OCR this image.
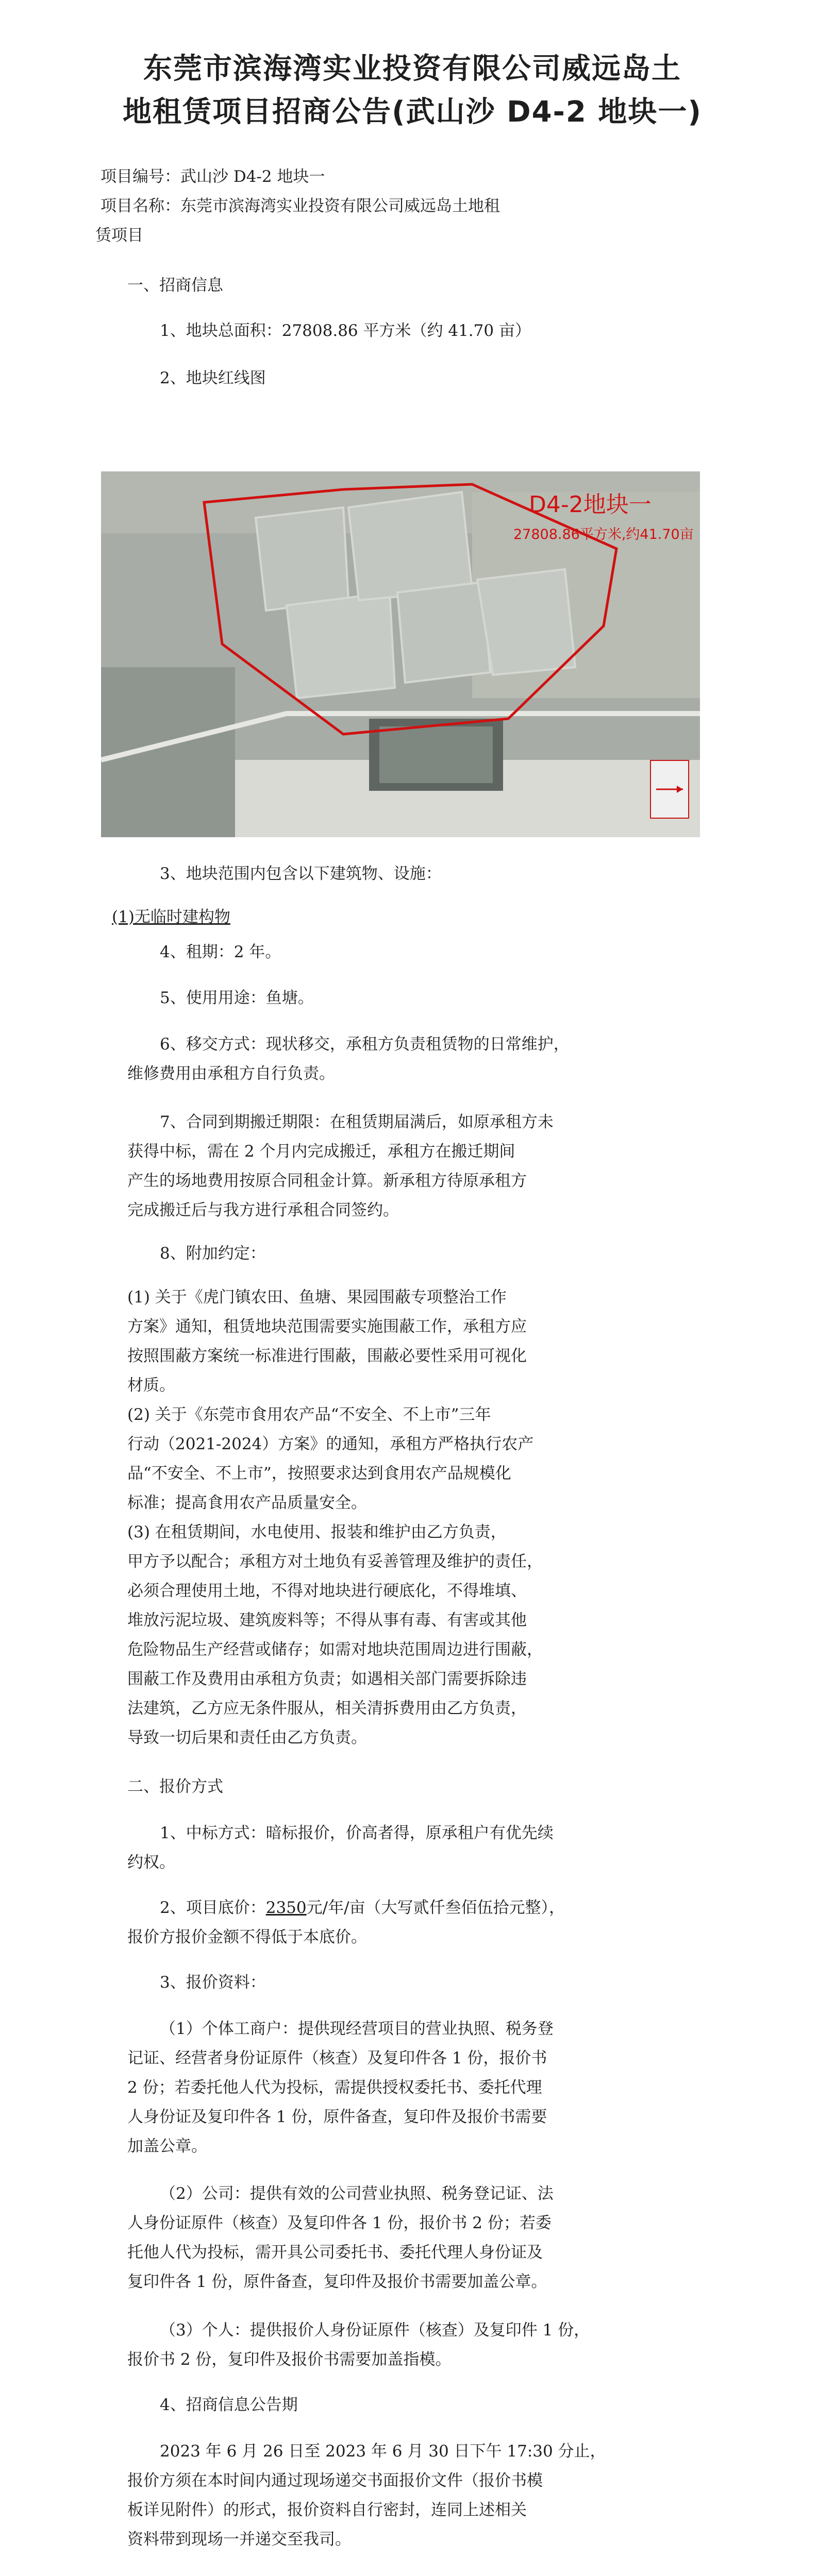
东莞市滨海湾实业投资有限公司威远岛土

地租赁项目招商公告(武山沙 D4-2 地块一)

项目编号：武山沙 D4-2 地块一

项目名称：东莞市滨海湾实业投资有限公司威远岛土地租

赁项目

一、招商信息

1、地块总面积：27808.86 平方米（约 41.70 亩）

2、地块红线图

D4-2地块一
27808.86平方米,约41.70亩

3、地块范围内包含以下建筑物、设施：

(1)无临时建构物

4、租期：2 年。

5、使用用途：鱼塘。

6、移交方式：现状移交，承租方负责租赁物的日常维护，

维修费用由承租方自行负责。

7、合同到期搬迁期限：在租赁期届满后，如原承租方未

获得中标，需在 2 个月内完成搬迁，承租方在搬迁期间

产生的场地费用按原合同租金计算。新承租方待原承租方

完成搬迁后与我方进行承租合同签约。

8、附加约定：

(1) 关于《虎门镇农田、鱼塘、果园围蔽专项整治工作

方案》通知，租赁地块范围需要实施围蔽工作，承租方应

按照围蔽方案统一标准进行围蔽，围蔽必要性采用可视化

材质。

(2) 关于《东莞市食用农产品“不安全、不上市”三年

行动（2021-2024）方案》的通知，承租方严格执行农产

品“不安全、不上市”，按照要求达到食用农产品规模化

标准；提高食用农产品质量安全。

(3) 在租赁期间，水电使用、报装和维护由乙方负责，

甲方予以配合；承租方对土地负有妥善管理及维护的责任，

必须合理使用土地，不得对地块进行硬底化，不得堆填、

堆放污泥垃圾、建筑废料等；不得从事有毒、有害或其他

危险物品生产经营或储存；如需对地块范围周边进行围蔽，

围蔽工作及费用由承租方负责；如遇相关部门需要拆除违

法建筑，乙方应无条件服从，相关清拆费用由乙方负责，

导致一切后果和责任由乙方负责。

二、报价方式

1、中标方式：暗标报价，价高者得，原承租户有优先续

约权。

2、项目底价：2350元/年/亩（大写贰仟叁佰伍拾元整），

报价方报价金额不得低于本底价。

3、报价资料：

（1）个体工商户：提供现经营项目的营业执照、税务登

记证、经营者身份证原件（核查）及复印件各 1 份，报价书

2 份；若委托他人代为投标，需提供授权委托书、委托代理

人身份证及复印件各 1 份，原件备查，复印件及报价书需要

加盖公章。

（2）公司：提供有效的公司营业执照、税务登记证、法

人身份证原件（核查）及复印件各 1 份，报价书 2 份；若委

托他人代为投标，需开具公司委托书、委托代理人身份证及

复印件各 1 份，原件备查，复印件及报价书需要加盖公章。

（3）个人：提供报价人身份证原件（核查）及复印件 1 份，

报价书 2 份，复印件及报价书需要加盖指模。

4、招商信息公告期

2023 年 6 月 26 日至 2023 年 6 月 30 日下午 17:30 分止，

报价方须在本时间内通过现场递交书面报价文件（报价书模

板详见附件）的形式，报价资料自行密封，连同上述相关

资料带到现场一并递交至我司。
